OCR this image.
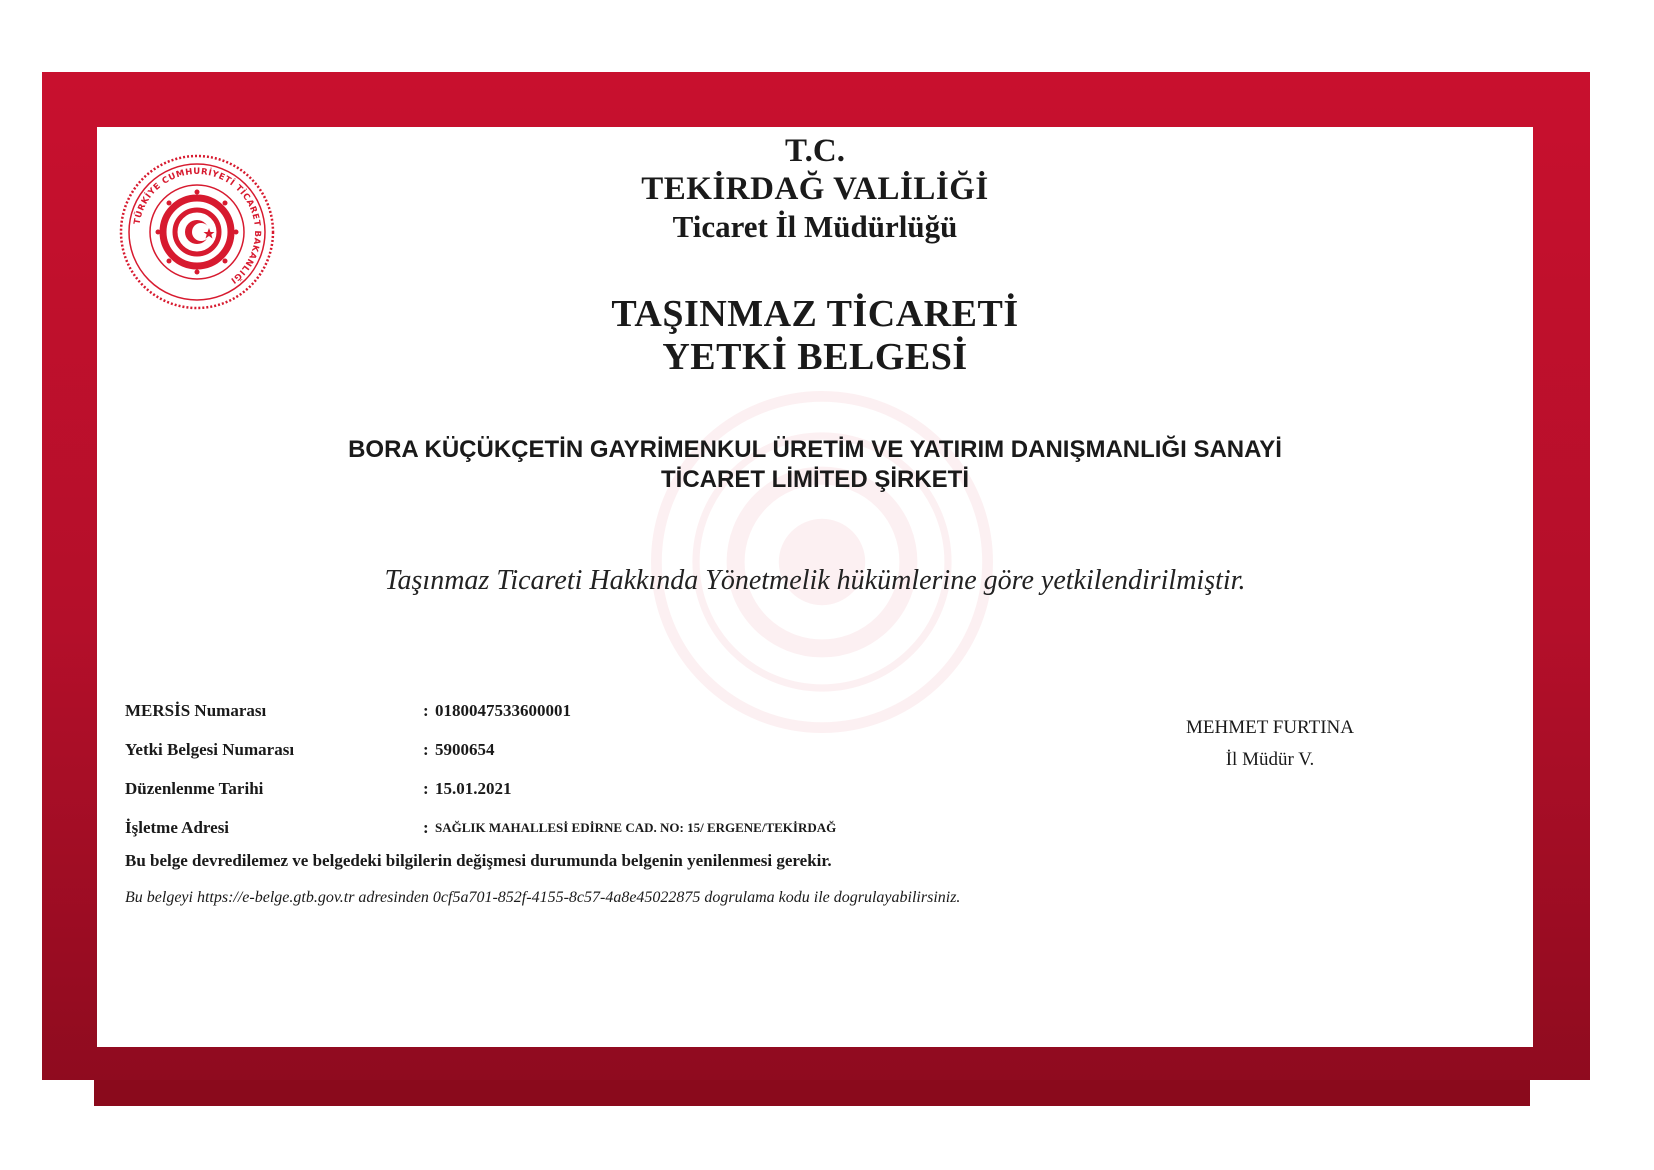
TÜRKİYE CUMHURİYETİ TİCARET BAKANLIĞI

T.C.

TEKİRDAĞ VALİLİĞİ

Ticaret İl Müdürlüğü

TAŞINMAZ TİCARETİ

YETKİ BELGESİ

BORA KÜÇÜKÇETİN GAYRİMENKUL ÜRETİM VE YATIRIM DANIŞMANLIĞI SANAYİ
TİCARET LİMİTED ŞİRKETİ
Taşınmaz Ticareti Hakkında Yönetmelik hükümlerine göre yetkilendirilmiştir.
MERSİS Numarası	: 0180047533600001
Yetki Belgesi Numarası	: 5900654
Düzenlenme Tarihi	: 15.01.2021
İşletme Adresi	: SAĞLIK MAHALLESİ EDİRNE CAD. NO: 15/ ERGENE/TEKİRDAĞ
Bu belge devredilemez ve belgedeki bilgilerin değişmesi durumunda belgenin yenilenmesi gerekir.
Bu belgeyi https://e-belge.gtb.gov.tr adresinden 0cf5a701-852f-4155-8c57-4a8e45022875 dogrulama kodu ile dogrulayabilirsiniz.
MEHMET FURTINA
İl Müdür V.
